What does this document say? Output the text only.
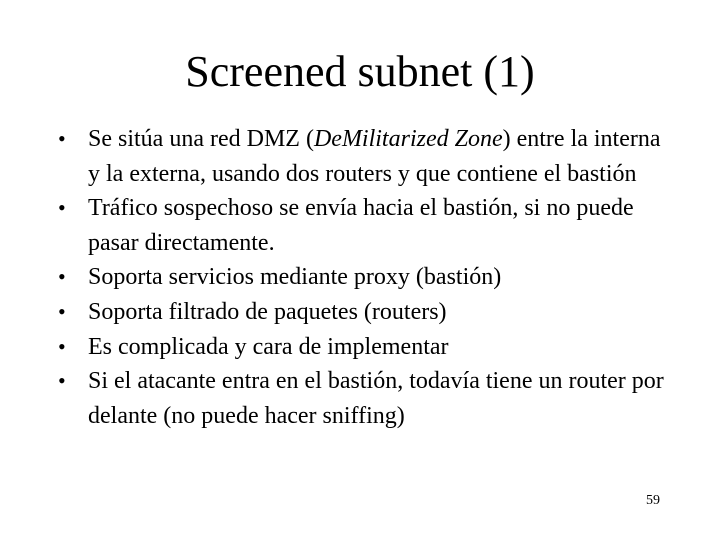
Screened subnet (1)
• Se sitúa una red DMZ (DeMilitarized Zone) entre la interna y la externa, usando dos routers y que contiene el bastión
• Tráfico sospechoso se envía hacia el bastión, si no puede pasar directamente.
• Soporta servicios mediante proxy (bastión)
• Soporta filtrado de paquetes (routers)
• Es complicada y cara de implementar
• Si el atacante entra en el bastión, todavía tiene un router por delante (no puede hacer sniffing)
59
